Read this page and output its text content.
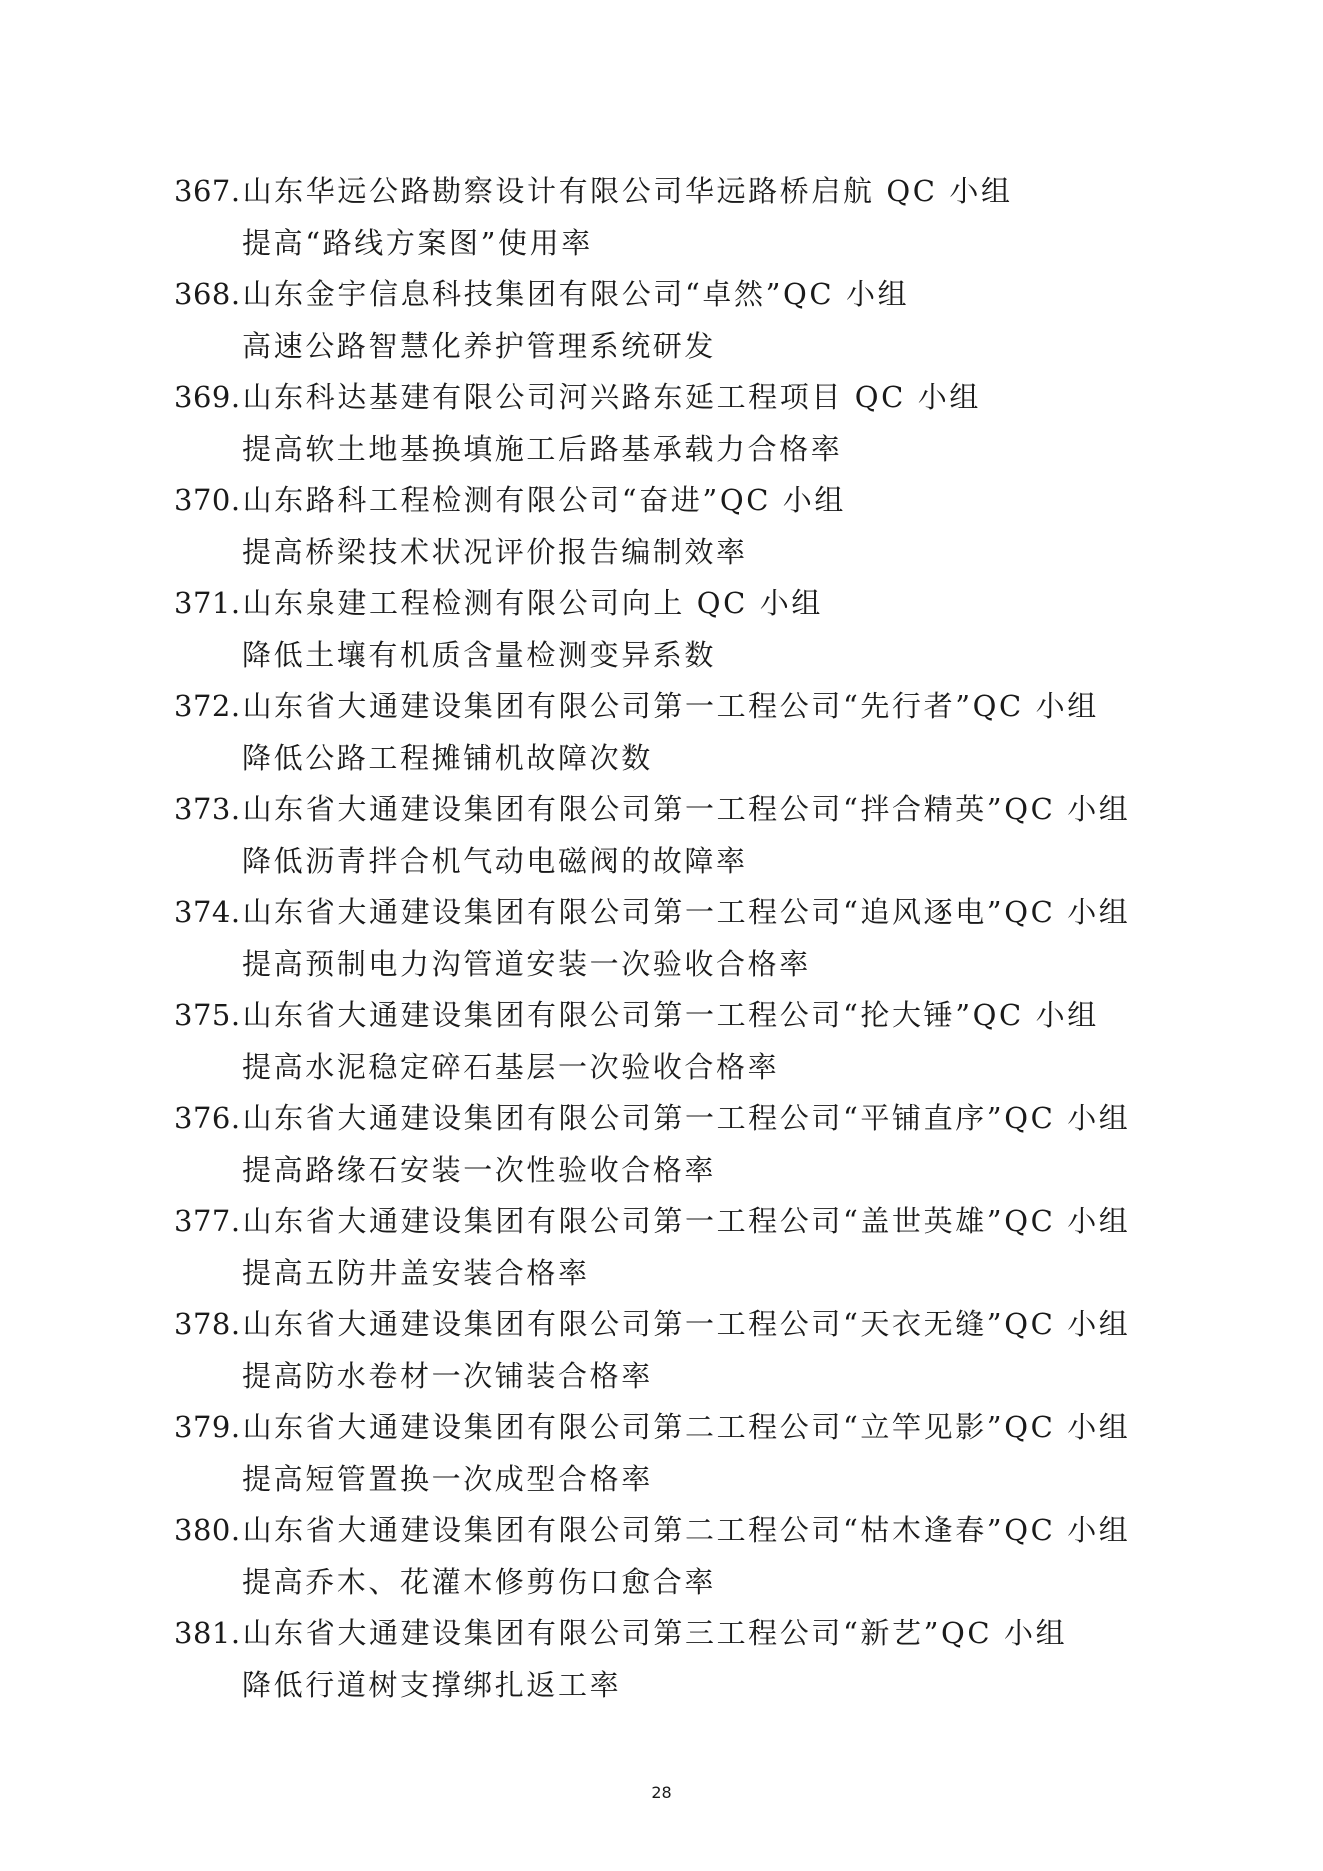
367.山东华远公路勘察设计有限公司华远路桥启航 QC 小组
提高“路线方案图”使用率
368.山东金宇信息科技集团有限公司“卓然”QC 小组
高速公路智慧化养护管理系统研发
369.山东科达基建有限公司河兴路东延工程项目 QC 小组
提高软土地基换填施工后路基承载力合格率
370.山东路科工程检测有限公司“奋进”QC 小组
提高桥梁技术状况评价报告编制效率
371.山东泉建工程检测有限公司向上 QC 小组
降低土壤有机质含量检测变异系数
372.山东省大通建设集团有限公司第一工程公司“先行者”QC 小组
降低公路工程摊铺机故障次数
373.山东省大通建设集团有限公司第一工程公司“拌合精英”QC 小组
降低沥青拌合机气动电磁阀的故障率
374.山东省大通建设集团有限公司第一工程公司“追风逐电”QC 小组
提高预制电力沟管道安装一次验收合格率
375.山东省大通建设集团有限公司第一工程公司“抡大锤”QC 小组
提高水泥稳定碎石基层一次验收合格率
376.山东省大通建设集团有限公司第一工程公司“平铺直序”QC 小组
提高路缘石安装一次性验收合格率
377.山东省大通建设集团有限公司第一工程公司“盖世英雄”QC 小组
提高五防井盖安装合格率
378.山东省大通建设集团有限公司第一工程公司“天衣无缝”QC 小组
提高防水卷材一次铺装合格率
379.山东省大通建设集团有限公司第二工程公司“立竿见影”QC 小组
提高短管置换一次成型合格率
380.山东省大通建设集团有限公司第二工程公司“枯木逢春”QC 小组
提高乔木、花灌木修剪伤口愈合率
381.山东省大通建设集团有限公司第三工程公司“新艺”QC 小组
降低行道树支撑绑扎返工率
28
